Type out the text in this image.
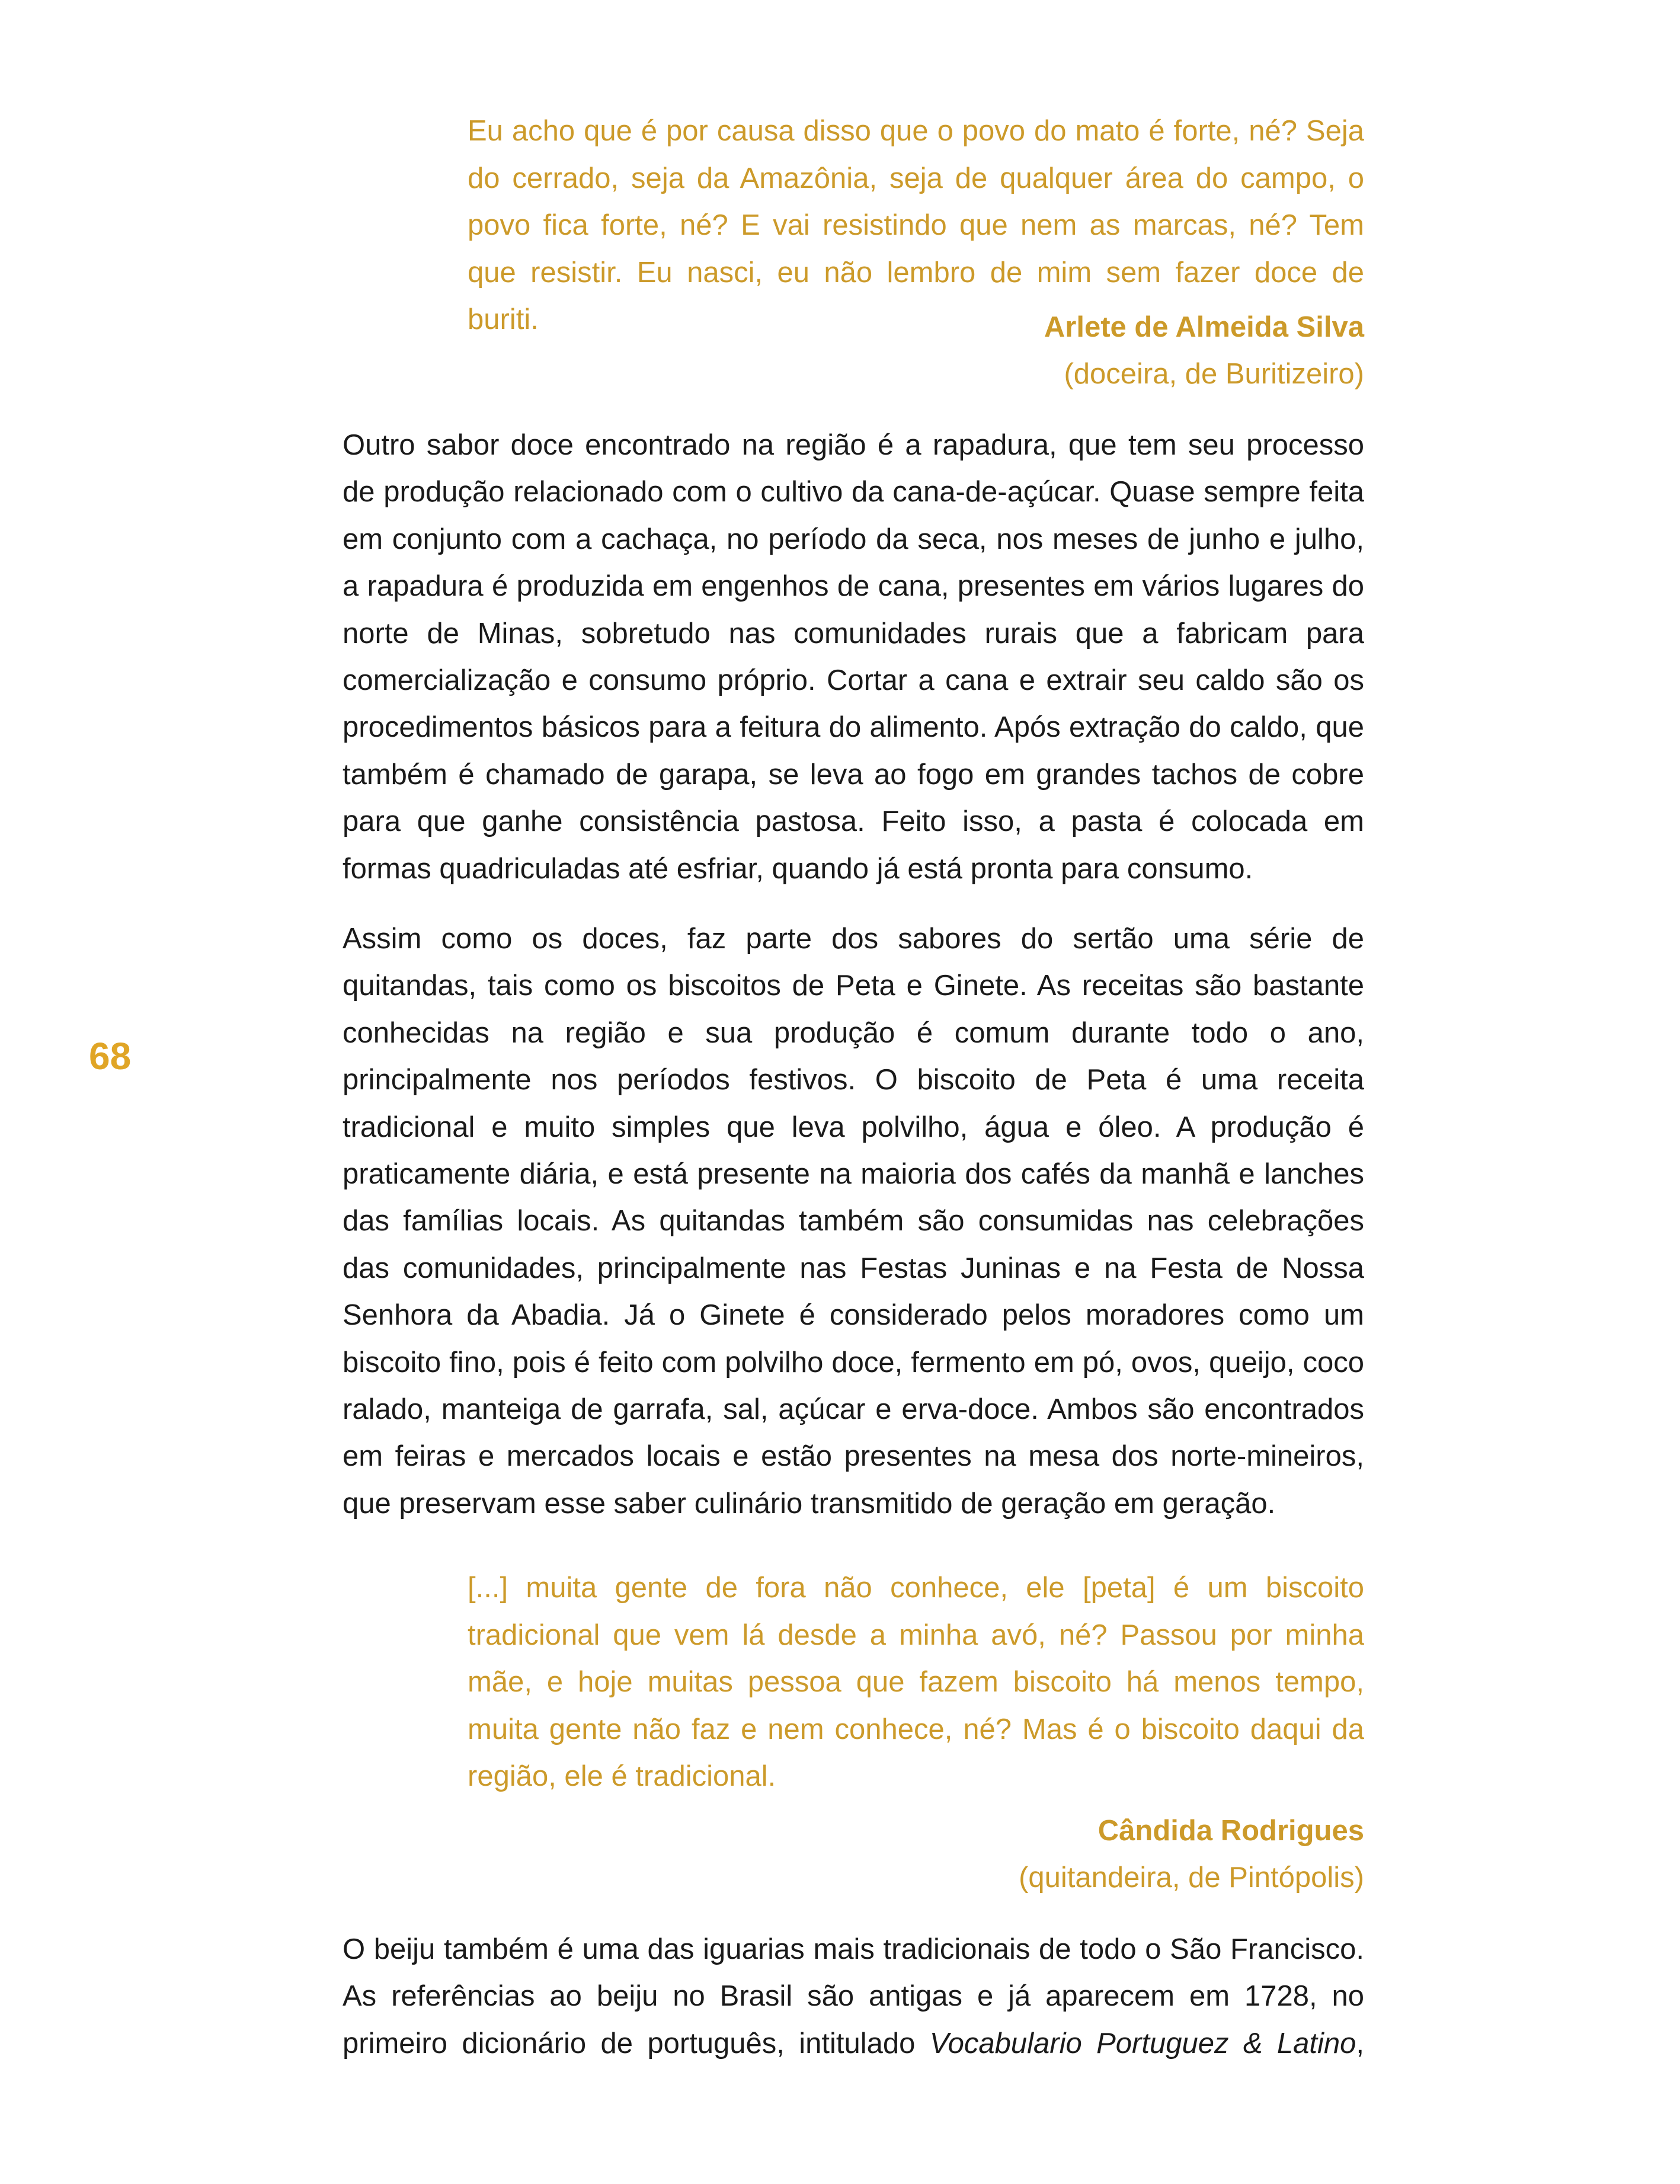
68

Eu acho que é por causa disso que o povo do mato é forte, né? Seja do cerrado, seja da Amazônia, seja de qualquer área do campo, o povo fica forte, né? E vai resistindo que nem as marcas, né? Tem que resistir. Eu nasci, eu não lembro de mim sem fazer doce de buriti.	Arlete de Almeida Silva
(doceira, de Buritizeiro)

Outro sabor doce encontrado na região é a rapadura, que tem seu processo de produção relacionado com o cultivo da cana-de-açúcar. Quase sempre feita em conjunto com a cachaça, no período da seca, nos meses de junho e julho, a rapadura é produzida em engenhos de cana, presentes em vários lugares do norte de Minas, sobretudo nas comunidades rurais que a fabricam para comercialização e consumo próprio. Cortar a cana e extrair seu caldo são os procedimentos básicos para a feitura do alimento. Após extração do caldo, que também é chamado de garapa, se leva ao fogo em grandes tachos de cobre para que ganhe consistência pastosa. Feito isso, a pasta é colocada em formas quadriculadas até esfriar, quando já está pronta para consumo.

Assim como os doces, faz parte dos sabores do sertão uma série de quitandas, tais como os biscoitos de Peta e Ginete. As receitas são bastante conhecidas na região e sua produção é comum durante todo o ano, principalmente nos períodos festivos. O biscoito de Peta é uma receita tradicional e muito simples que leva polvilho, água e óleo. A produção é praticamente diária, e está presente na maioria dos cafés da manhã e lanches das famílias locais. As quitandas também são consumidas nas celebrações das comunidades, principalmente nas Festas Juninas e na Festa de Nossa Senhora da Abadia. Já o Ginete é considerado pelos moradores como um biscoito fino, pois é feito com polvilho doce, fermento em pó, ovos, queijo, coco ralado, manteiga de garrafa, sal, açúcar e erva-doce. Ambos são encontrados em feiras e mercados locais e estão presentes na mesa dos norte-mineiros, que preservam esse saber culinário transmitido de geração em geração.

[...] muita gente de fora não conhece, ele [peta] é um biscoito tradicional que vem lá desde a minha avó, né? Passou por minha mãe, e hoje muitas pessoa que fazem biscoito há menos tempo, muita gente não faz e nem conhece, né? Mas é o biscoito daqui da região, ele é tradicional.

Cândida Rodrigues
(quitandeira, de Pintópolis)

O beiju também é uma das iguarias mais tradicionais de todo o São Francisco. As referências ao beiju no Brasil são antigas e já aparecem em 1728, no primeiro dicionário de português, intitulado Vocabulario Portuguez & Latino,
